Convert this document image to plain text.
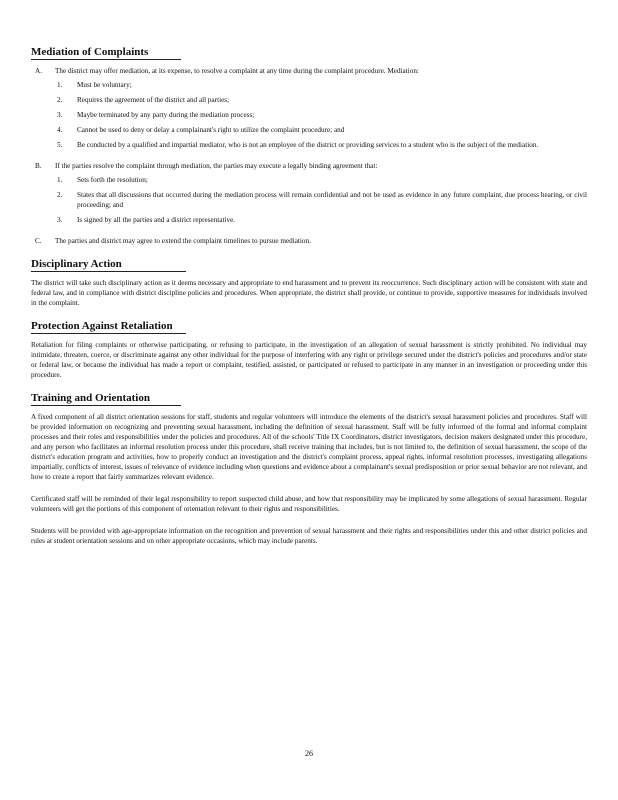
Mediation of Complaints
A.	The district may offer mediation, at its expense, to resolve a complaint at any time during the complaint procedure. Mediation:
1.	Must be voluntary;
2.	Requires the agreement of the district and all parties;
3.	Maybe terminated by any party during the mediation process;
4.	Cannot be used to deny or delay a complainant's right to utilize the complaint procedure; and
5.	Be conducted by a qualified and impartial mediator, who is not an employee of the district or providing services to a student who is the subject of the mediation.
B.	If the parties resolve the complaint through mediation, the parties may execute a legally binding agreement that:
1.	Sets forth the resolution;
2.	States that all discussions that occurred during the mediation process will remain confidential and not be used as evidence in any future complaint, due process hearing, or civil proceeding; and
3.	Is signed by all the parties and a district representative.
C.	The parties and district may agree to extend the complaint timelines to pursue mediation.
Disciplinary Action

The district will take such disciplinary action as it deems necessary and appropriate to end harassment and to prevent its reoccurrence. Such disciplinary action will be consistent with state and federal law, and in compliance with district discipline policies and procedures. When appropriate, the district shall provide, or continue to provide, supportive measures for individuals involved in the complaint.

Protection Against Retaliation

Retaliation for filing complaints or otherwise participating, or refusing to participate, in the investigation of an allegation of sexual harassment is strictly prohibited. No individual may intimidate, threaten, coerce, or discriminate against any other individual for the purpose of interfering with any right or privilege secured under the district's policies and procedures and/or state or federal law, or because the individual has made a report or complaint, testified, assisted, or participated or refused to participate in any manner in an investigation or proceeding under this procedure.

Training and Orientation

A fixed component of all district orientation sessions for staff, students and regular volunteers will introduce the elements of the district's sexual harassment policies and procedures. Staff will be provided information on recognizing and preventing sexual harassment, including the definition of sexual harassment. Staff will be fully informed of the formal and informal complaint processes and their roles and responsibilities under the policies and procedures. All of the schools' Title IX Coordinators, district investigators, decision makers designated under this procedure, and any person who facilitates an informal resolution process under this procedure, shall receive training that includes, but is not limited to, the definition of sexual harassment, the scope of the district's education program and activities, how to properly conduct an investigation and the district's complaint process, appeal rights, informal resolution processes, investigating allegations impartially, conflicts of interest, issues of relevance of evidence including when questions and evidence about a complainant's sexual predisposition or prior sexual behavior are not relevant, and how to create a report that fairly summarizes relevant evidence.

Certificated staff will be reminded of their legal responsibility to report suspected child abuse, and how that responsibility may be implicated by some allegations of sexual harassment. Regular volunteers will get the portions of this component of orientation relevant to their rights and responsibilities.

Students will be provided with age-appropriate information on the recognition and prevention of sexual harassment and their rights and responsibilities under this and other district policies and rules at student orientation sessions and on other appropriate occasions, which may include parents.

26
